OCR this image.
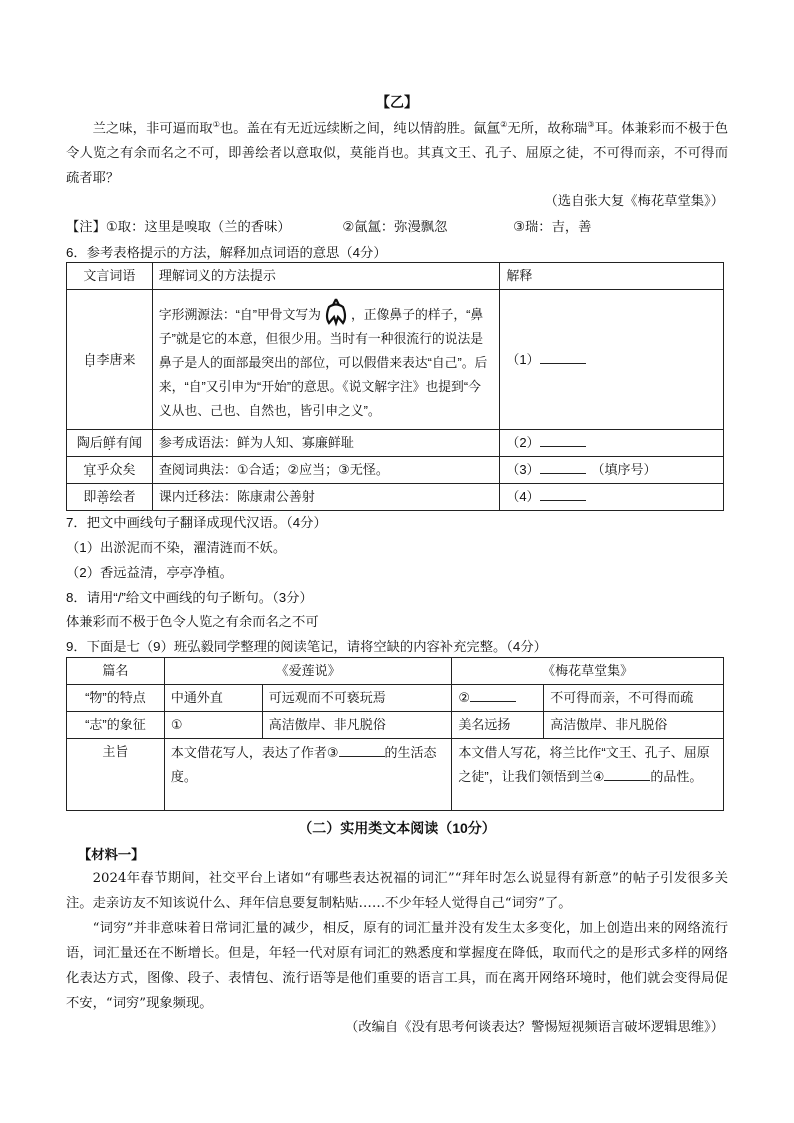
【乙】

兰之味，非可逼而取①也。盖在有无近远续断之间，纯以情韵胜。氤氲②无所，故称瑞③耳。体兼彩而不极于色令人览之有余而名之不可，即善绘者以意取似，莫能肖也。其真文王、孔子、屈原之徒，不可得而亲，不可得而疏者耶？

（选自张大复《梅花草堂集》）
【注】①取：这里是嗅取（兰的香味）	②氤氲：弥漫飘忽	③瑞：吉，善
6．参考表格提示的方法，解释加点词语的意思（4分）
文言词语	理解词义的方法提示	解释
自李唐来	字形溯源法：“自”甲骨文写为 ，正像鼻子的样子，“鼻子”就是它的本意，但很少用。当时有一种很流行的说法是鼻子是人的面部最突出的部位，可以假借来表达“自己”。后来，“自”又引申为“开始”的意思。《说文解字注》也提到“今义从也、己也、自然也，皆引申之义”。	（1）
陶后鲜有闻	参考成语法：鲜为人知、寡廉鲜耻	（2）
宜乎众矣	查阅词典法：①合适；②应当；③无怪。	（3） （填序号）
即善绘者	课内迁移法：陈康肃公善射	（4）
7．把文中画线句子翻译成现代汉语。（4分）
（1）出淤泥而不染，濯清涟而不妖。
（2）香远益清，亭亭净植。
8．请用“/”给文中画线的句子断句。（3分）
体兼彩而不极于色令人览之有余而名之不可
9．下面是七（9）班弘毅同学整理的阅读笔记，请将空缺的内容补充完整。（4分）
篇名	《爱莲说》		《梅花草堂集》	
“物”的特点	中通外直	可远观而不可亵玩焉	②	不可得而亲，不可得而疏
“志”的象征	①	高洁傲岸、非凡脱俗	美名远扬	高洁傲岸、非凡脱俗
主旨	本文借花写人，表达了作者③ 的生活态度。		本文借人写花，将兰比作“文王、孔子、屈原之徒”，让我们领悟到兰④ 的品性。	
（二）实用类文本阅读（10分）
【材料一】

2024年春节期间，社交平台上诸如“有哪些表达祝福的词汇”“拜年时怎么说显得有新意”的帖子引发很多关注。走亲访友不知该说什么、拜年信息要复制粘贴……不少年轻人觉得自己“词穷”了。

“词穷”并非意味着日常词汇量的减少，相反，原有的词汇量并没有发生太多变化，加上创造出来的网络流行语，词汇量还在不断增长。但是，年轻一代对原有词汇的熟悉度和掌握度在降低，取而代之的是形式多样的网络化表达方式，图像、段子、表情包、流行语等是他们重要的语言工具，而在离开网络环境时，他们就会变得局促不安，“词穷”现象频现。

（改编自《没有思考何谈表达？警惕短视频语言破坏逻辑思维》）
